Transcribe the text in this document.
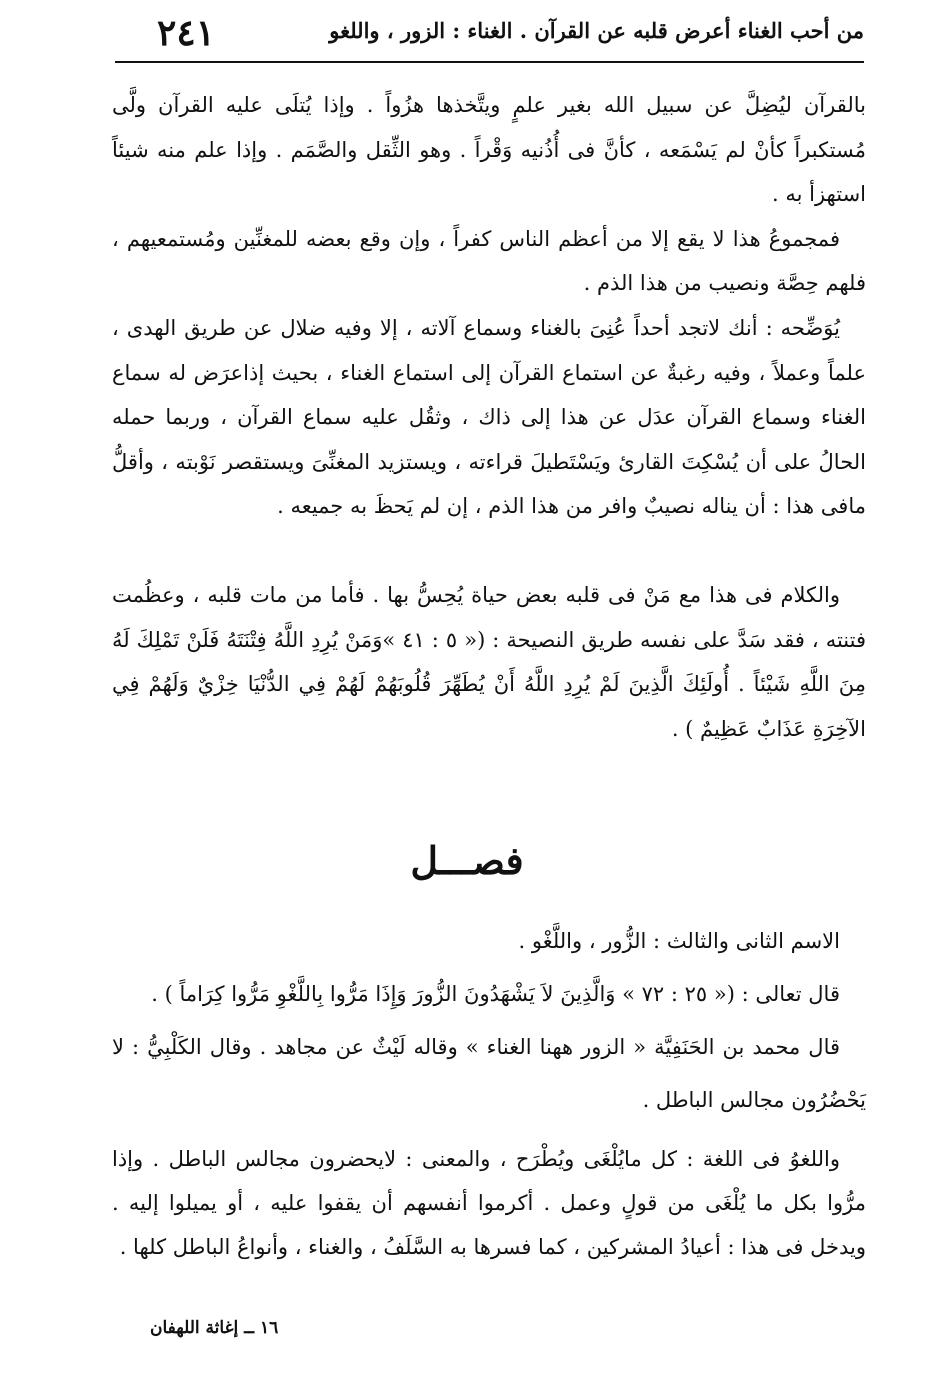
من أحب الغناء أعرض قلبه عن القرآن . الغناء : الزور ، واللغو
٢٤١

بالقرآن ليُضِلَّ عن سبيل الله بغير علمٍ ويتَّخذها هزُواً . وإذا يُتلَى عليه القرآن ولَّى مُستكبراً كأنْ لم يَسْمَعه ، كأنَّ فى أُذُنيه وَقْراً . وهو الثِّقل والصَّمَم . وإذا علم منه شيئاً استهزأ به .

فمجموعُ هذا لا يقع إلا من أعظم الناس كفراً ، وإن وقع بعضه للمغنِّين ومُستمعيهم ، فلهم حِصَّة ونصيب من هذا الذم .

يُوَضِّحه : أنك لاتجد أحداً عُنِىَ بالغناء وسماع آلاته ، إلا وفيه ضلال عن طريق الهدى ، علماً وعملاً ، وفيه رغبةٌ عن استماع القرآن إلى استماع الغناء ، بحيث إذاعرَض له سماع الغناء وسماع القرآن عدَل عن هذا إلى ذاك ، وثقُل عليه سماع القرآن ، وربما حمله الحالُ على أن يُسْكِتَ القارئ ويَسْتَطيلَ قراءته ، ويستزيد المغنِّىَ ويستقصر نَوْبته ، وأقلُّ مافى هذا : أن يناله نصيبٌ وافر من هذا الذم ، إن لم يَحظَ به جميعه .

والكلام فى هذا مع مَنْ فى قلبه بعض حياة يُحِسُّ بها . فأما من مات قلبه ، وعظُمت فتنته ، فقد سَدَّ على نفسه طريق النصيحة : (« ٥ : ٤١ »وَمَنْ يُرِدِ اللَّهُ فِتْنَتَهُ فَلَنْ تَمْلِكَ لَهُ مِنَ اللَّهِ شَيْئاً . أُولَئِكَ الَّذِينَ لَمْ يُرِدِ اللَّهُ أَنْ يُطَهِّرَ قُلُوبَهُمْ لَهُمْ فِي الدُّنْيَا خِزْيٌ وَلَهُمْ فِي الآخِرَةِ عَذَابٌ عَظِيمٌ ) .

فصـــل

الاسم الثانى والثالث : الزُّور ، واللَّغْو .

قال تعالى : (« ٢٥ : ٧٢ » وَالَّذِينَ لاَ يَشْهَدُونَ الزُّورَ وَإِذَا مَرُّوا بِاللَّغْوِ مَرُّوا كِرَاماً ) .

قال محمد بن الحَنَفِيَّة « الزور ههنا الغناء » وقاله لَيْثٌ عن مجاهد . وقال الكَلْبِيُّ : لا يَحْضُرُون مجالس الباطل .

واللغوُ فى اللغة : كل مايُلْغَى ويُطْرَح ، والمعنى : لايحضرون مجالس الباطل . وإذا مرُّوا بكل ما يُلْغَى من قولٍ وعمل . أكرموا أنفسهم أن يقفوا عليه ، أو يميلوا إليه . ويدخل فى هذا : أعيادُ المشركين ، كما فسرها به السَّلَفُ ، والغناء ، وأنواعُ الباطل كلها .

١٦ ــ إغاثة اللهفان
